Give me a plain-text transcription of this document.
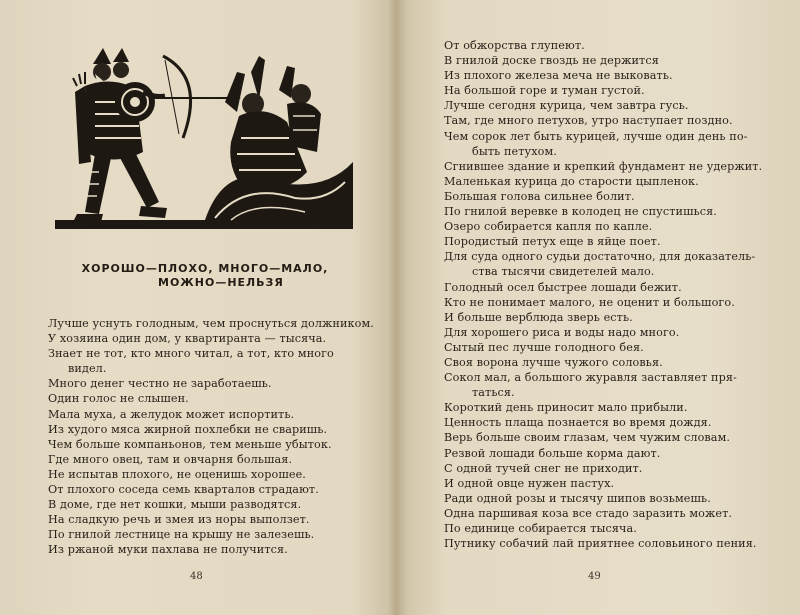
ХОРОШО—ПЛОХО, МНОГО—МАЛО,
МОЖНО—НЕЛЬЗЯ
Лучше уснуть голодным, чем проснуться должником.
У хозяина один дом, у квартиранта — тысяча.
Знает не тот, кто много читал, а тот, кто много
видел.
Много денег честно не заработаешь.
Один голос не слышен.
Мала муха, а желудок может испортить.
Из худого мяса жирной похлебки не сваришь.
Чем больше компаньонов, тем меньше убыток.
Где много овец, там и овчарня большая.
Не испытав плохого, не оценишь хорошее.
От плохого соседа семь кварталов страдают.
В доме, где нет кошки, мыши разводятся.
На сладкую речь и змея из норы выползет.
По гнилой лестнице на крышу не залезешь.
Из ржаной муки пахлава не получится.
48
От обжорства глупеют.
В гнилой доске гвоздь не держится
Из плохого железа меча не выковать.
На большой горе и туман густой.
Лучше сегодня курица, чем завтра гусь.
Там, где много петухов, утро наступает поздно.
Чем сорок лет быть курицей, лучше один день по-
быть петухом.
Сгнившее здание и крепкий фундамент не удержит.
Маленькая курица до старости цыпленок.
Большая голова сильнее болит.
По гнилой веревке в колодец не спустишься.
Озеро собирается капля по капле.
Породистый петух еще в яйце поет.
Для суда одного судьи достаточно, для доказатель-
ства тысячи свидетелей мало.
Голодный осел быстрее лошади бежит.
Кто не понимает малого, не оценит и большого.
И больше верблюда зверь есть.
Для хорошего риса и воды надо много.
Сытый пес лучше голодного бея.
Своя ворона лучше чужого соловья.
Сокол мал, а большого журавля заставляет пря-
таться.
Короткий день приносит мало прибыли.
Ценность плаща познается во время дождя.
Верь больше своим глазам, чем чужим словам.
Резвой лошади больше корма дают.
С одной тучей снег не приходит.
И одной овце нужен пастух.
Ради одной розы и тысячу шипов возьмешь.
Одна паршивая коза все стадо заразить может.
По единице собирается тысяча.
Путнику собачий лай приятнее соловьиного пения.
49
